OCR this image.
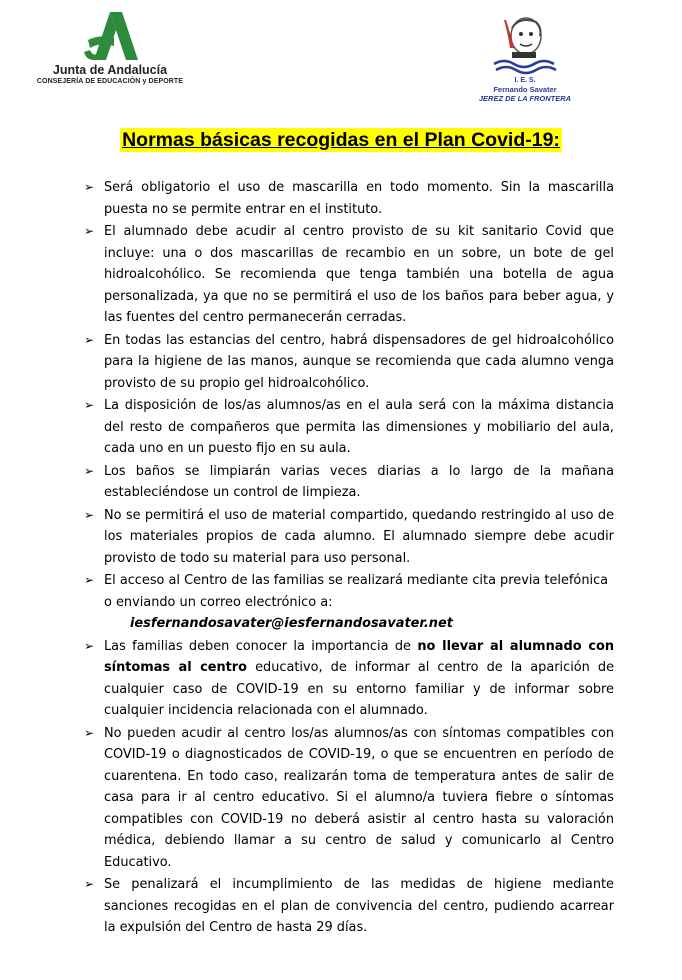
Junta de Andalucía
CONSEJERÍA DE EDUCACIÓN y DEPORTE	I. E. S.
Fernando Savater
JEREZ DE LA FRONTERA
Normas básicas recogidas en el Plan Covid-19:
➢ Será obligatorio el uso de mascarilla en todo momento. Sin la mascarilla puesta no se permite entrar en el instituto.
➢ El alumnado debe acudir al centro provisto de su kit sanitario Covid que incluye: una o dos mascarillas de recambio en un sobre, un bote de gel hidroalcohólico. Se recomienda que tenga también una botella de agua personalizada, ya que no se permitirá el uso de los baños para beber agua, y las fuentes del centro permanecerán cerradas.
➢ En todas las estancias del centro, habrá dispensadores de gel hidroalcohólico para la higiene de las manos, aunque se recomienda que cada alumno venga provisto de su propio gel hidroalcohólico.
➢ La disposición de los/as alumnos/as en el aula será con la máxima distancia del resto de compañeros que permita las dimensiones y mobiliario del aula, cada uno en un puesto fijo en su aula.
➢ Los baños se limpiarán varias veces diarias a lo largo de la mañana estableciéndose un control de limpieza.
➢ No se permitirá el uso de material compartido, quedando restringido al uso de los materiales propios de cada alumno. El alumnado siempre debe acudir provisto de todo su material para uso personal.
➢ El acceso al Centro de las familias se realizará mediante cita previa telefónica o enviando un correo electrónico a:
iesfernandosavater@iesfernandosavater.net
➢ Las familias deben conocer la importancia de no llevar al alumnado con síntomas al centro educativo, de informar al centro de la aparición de cualquier caso de COVID-19 en su entorno familiar y de informar sobre cualquier incidencia relacionada con el alumnado.
➢ No pueden acudir al centro los/as alumnos/as con síntomas compatibles con COVID-19 o diagnosticados de COVID-19, o que se encuentren en período de cuarentena. En todo caso, realizarán toma de temperatura antes de salir de casa para ir al centro educativo. Si el alumno/a tuviera fiebre o síntomas compatibles con COVID-19 no deberá asistir al centro hasta su valoración médica, debiendo llamar a su centro de salud y comunicarlo al Centro Educativo.
➢ Se penalizará el incumplimiento de las medidas de higiene mediante sanciones recogidas en el plan de convivencia del centro, pudiendo acarrear la expulsión del Centro de hasta 29 días.
